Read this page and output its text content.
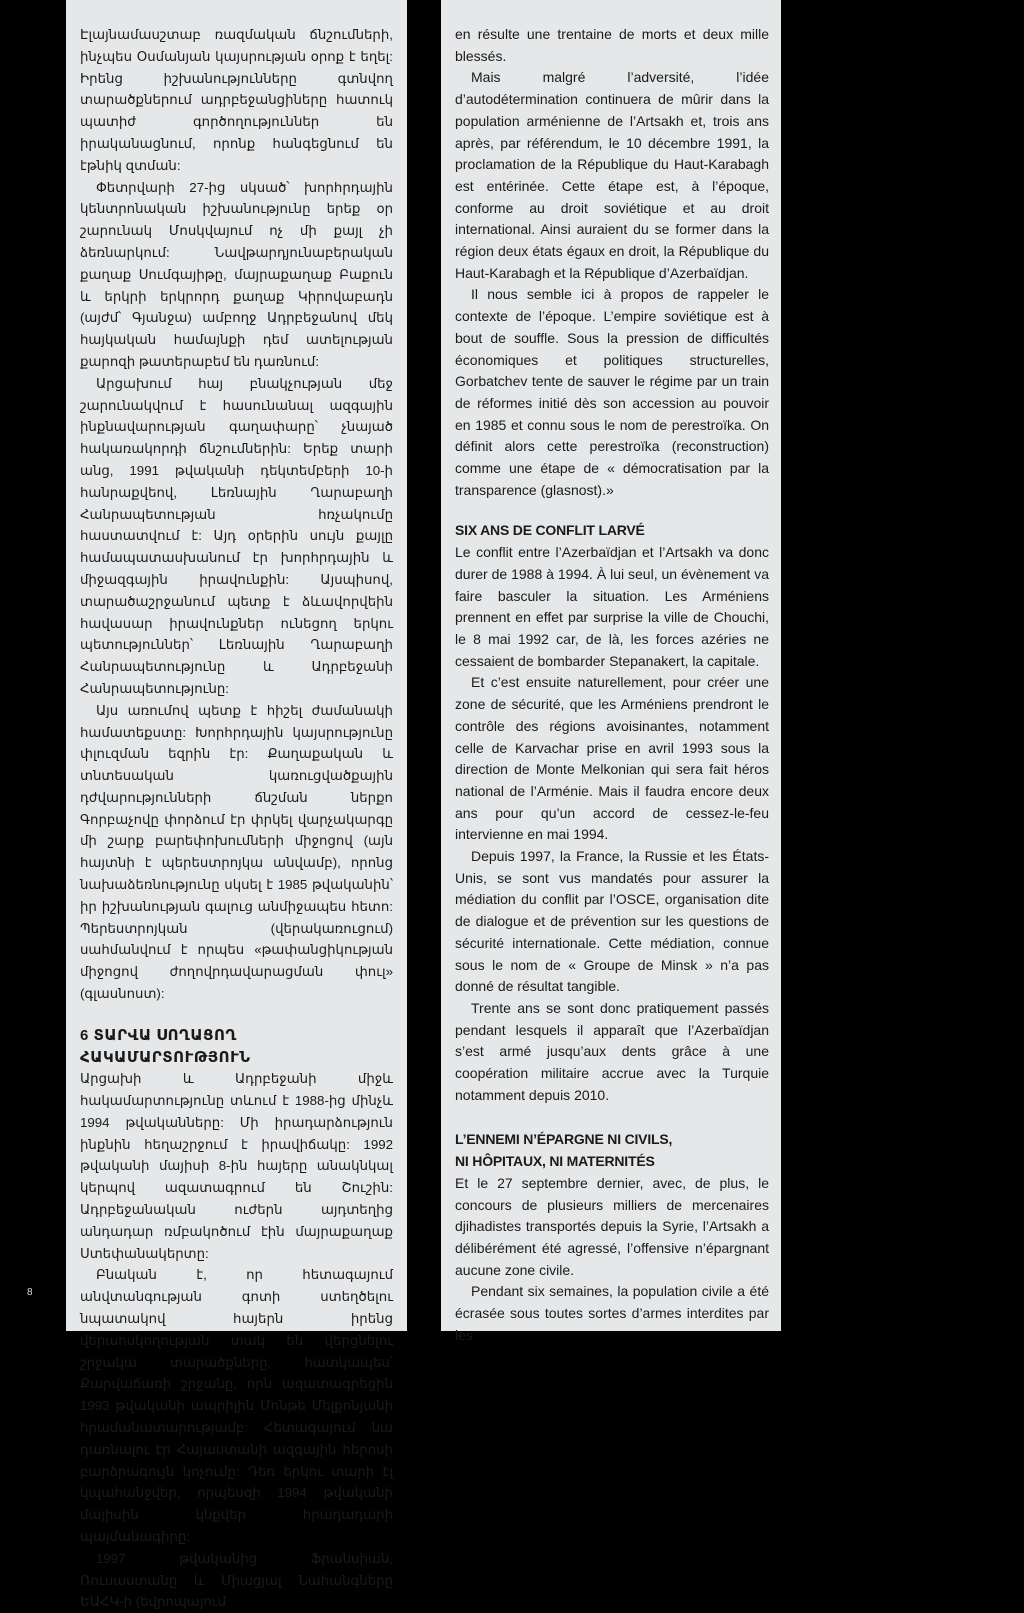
Էլայնամասշտաբ ռազմական ճնշումների, ինչպես Օսմանյան կայսրության օրոք է եղել: Իրենց իշխանությունները գտնվող տարածքներում ադրբեջանցիները հատուկ պատիժ գործողություններ են իրականացնում, որոնք հանգեցնում են էթնիկ զտման:

Փետրվարի 27-ից սկսած՝ խորհրդային կենտրոնական իշխանությունը երեք օր շարունակ Մոսկվայում ոչ մի քայլ չի ձեռնարկում: Նավթարդյունաբերական քաղաք Սումգայիթը, մայրաքաղաք Բաքուն և երկրի երկրորդ քաղաք Կիրովաբադն (այժմ՝ Գյանջա) ամբողջ Ադրբեջանով մեկ հայկական համայնքի դեմ ատելության քարոզի թատերաբեմ են դառնում:

Արցախում հայ բնակչության մեջ շարունակվում է հասունանալ ազգային ինքնավարության գաղափարը՝ չնայած հակառակորդի ճնշումներին: Երեք տարի անց, 1991 թվականի դեկտեմբերի 10-ի հանրաքվեով, Լեռնային Ղարաբաղի Հանրապետության հռչակումը հաստատվում է: Այդ օրերին սույն քայլը համապատասխանում էր խորհրդային և միջազգային իրավունքին: Այսպիսով, տարածաշրջանում պետք է ձևավորվեին հավասար իրավունքներ ունեցող երկու պետություններ՝ Լեռնային Ղարաբաղի Հանրապետությունը և Ադրբեջանի Հանրապետությունը:

Այս առումով պետք է հիշել ժամանակի համատեքստը: Խորհրդային կայսրությունը փլուզման եզրին էր: Քաղաքական և տնտեսական կառուցվածքային դժվարությունների ճնշման ներքո Գորբաչովը փորձում էր փրկել վարչակարգը մի շարք բարեփոխումների միջոցով (այն հայտնի է պերեստրոյկա անվամբ), որոնց նախաձեռնությունը սկսել է 1985 թվականին՝ իր իշխանության գալուց անմիջապես հետո: Պերեստրոյկան (վերակառուցում) սահմանվում է որպես «թափանցիկության միջոցով ժողովրդավարացման փուլ» (գլասնոստ):

6 ՏԱՐՎԱ ՍՈՂԱՑՈՂ
ՀԱԿԱՄԱՐՏՈՒԹՅՈՒՆ

Արցախի և Ադրբեջանի միջև հակամարտությունը տևում է 1988-ից մինչև 1994 թվականները: Մի իրադարձություն ինքնին հեղաշրջում է իրավիճակը: 1992 թվականի մայիսի 8-ին հայերը անակնկալ կերպով ազատագրում են Շուշին: Ադրբեջանական ուժերն այդտեղից անդադար ռմբակոծում էին մայրաքաղաք Ստեփանակերտը:

Բնական է, որ հետագայում անվտանգության գոտի ստեղծելու նպատակով հայերն իրենց վերահսկողության տակ են վերցնելու շրջակա տարածքները, հատկապես՝ Քարվաճառի շրջանը, որն ազատագրեցին 1993 թվականի ապրիլին Մոնթե Մելքոնյանի հրամանատարությամբ: Հետագայում նա դառնալու էր Հայաստանի ազգային հերոսի բարձրագույն կոչումը: Դեռ երկու տարի էլ կպահանջվեր, որպեսզի 1994 թվականի մայիսին կնքվեր հրադադարի պայմանագիրը:

1997 թվականից Ֆրանսիան, Ռուսաստանը և Միացյալ Նահանգները ԵԱՀԿ-ի (եվրոպայում

en résulte une trentaine de morts et deux mille blessés.

Mais malgré l’adversité, l’idée d’autodétermination continuera de mûrir dans la population arménienne de l’Artsakh et, trois ans après, par référendum, le 10 décembre 1991, la proclamation de la République du Haut-Karabagh est entérinée. Cette étape est, à l’époque, conforme au droit soviétique et au droit international. Ainsi auraient du se former dans la région deux états égaux en droit, la République du Haut-Karabagh et la République d’Azerbaïdjan.

Il nous semble ici à propos de rappeler le contexte de l’époque. L’empire soviétique est à bout de souffle. Sous la pression de difficultés économiques et politiques structurelles, Gorbatchev tente de sauver le régime par un train de réformes initié dès son accession au pouvoir en 1985 et connu sous le nom de perestroïka. On définit alors cette perestroïka (reconstruction) comme une étape de « démocratisation par la transparence (glasnost).»

SIX ANS DE CONFLIT LARVÉ

Le conflit entre l’Azerbaïdjan et l’Artsakh va donc durer de 1988 à 1994. À lui seul, un évènement va faire basculer la situation. Les Arméniens prennent en effet par surprise la ville de Chouchi, le 8 mai 1992 car, de là, les forces azéries ne cessaient de bombarder Stepanakert, la capitale.

Et c’est ensuite naturellement, pour créer une zone de sécurité, que les Arméniens prendront le contrôle des régions avoisinantes, notamment celle de Karvachar prise en avril 1993 sous la direction de Monte Melkonian qui sera fait héros national de l’Arménie. Mais il faudra encore deux ans pour qu’un accord de cessez-le-feu intervienne en mai 1994.

Depuis 1997, la France, la Russie et les États-Unis, se sont vus mandatés pour assurer la médiation du conflit par l’OSCE, organisation dite de dialogue et de prévention sur les questions de sécurité internationale. Cette médiation, connue sous le nom de « Groupe de Minsk » n’a pas donné de résultat tangible.

Trente ans se sont donc pratiquement passés pendant lesquels il apparaît que l’Azerbaïdjan s’est armé jusqu’aux dents grâce à une coopération militaire accrue avec la Turquie notamment depuis 2010.

L’ENNEMI N’ÉPARGNE NI CIVILS,
NI HÔPITAUX, NI MATERNITÉS

Et le 27 septembre dernier, avec, de plus, le concours de plusieurs milliers de mercenaires djihadistes transportés depuis la Syrie, l’Artsakh a délibérément été agressé, l’offensive n’épargnant aucune zone civile.

Pendant six semaines, la population civile a été écrasée sous toutes sortes d’armes interdites par les

8
